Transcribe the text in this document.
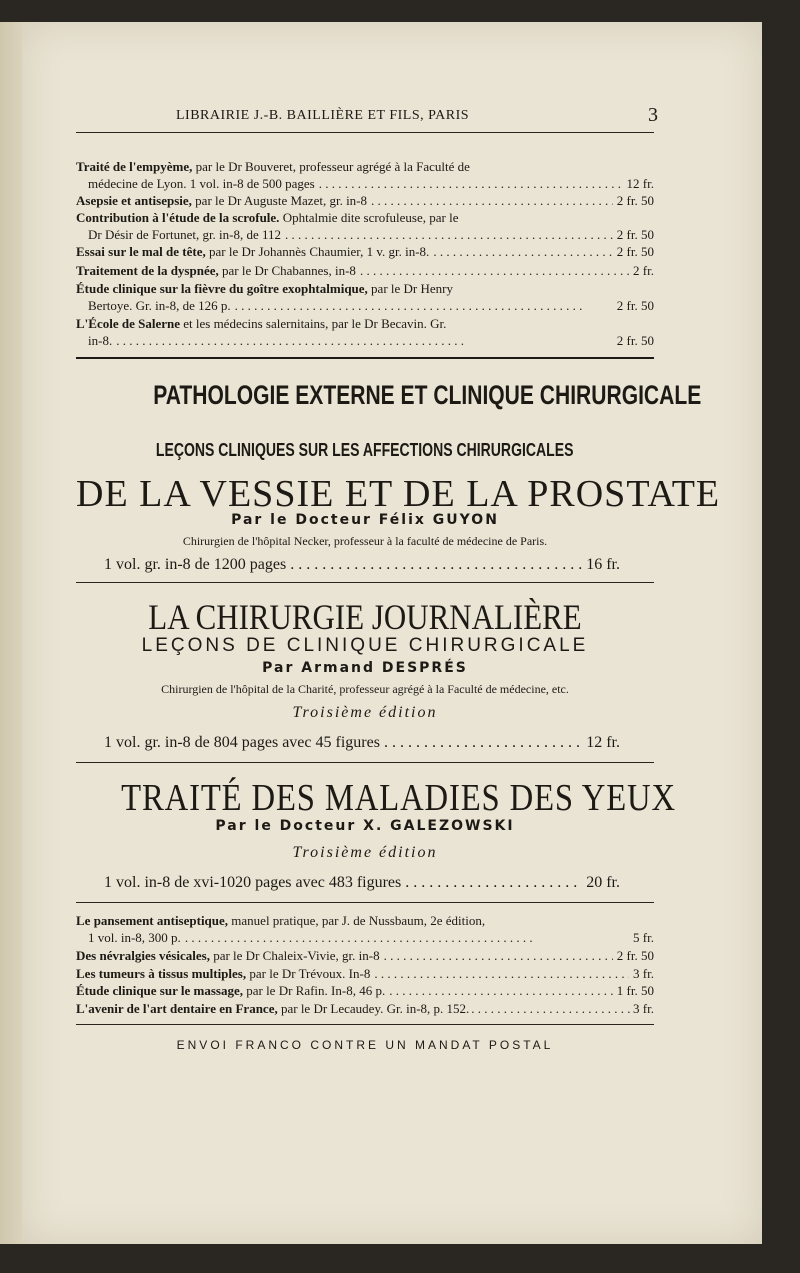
LIBRAIRIE J.-B. BAILLIÈRE ET FILS, PARIS	3
Traité de l'empyème, par le Dr Bouveret, professeur agrégé à la Faculté de
médecine de Lyon. 1 vol. in-8 de 500 pages . . .	12 fr.
Asepsie et antisepsie, par le Dr Auguste Mazet, gr. in-8 . . .	2 fr. 50
Contribution à l'étude de la scrofule. Ophtalmie dite scrofuleuse, par le
Dr Désir de Fortunet, gr. in-8, de 112 . . .	2 fr. 50
Essai sur le mal de tête, par le Dr Johannès Chaumier, 1 v. gr. in-8. . . .	2 fr. 50
Traitement de la dyspnée, par le Dr Chabannes, in-8 . . .	2 fr.
Étude clinique sur la fièvre du goître exophtalmique, par le Dr Henry
Bertoye. Gr. in-8, de 126 p. . . .	2 fr. 50
L'École de Salerne et les médecins salernitains, par le Dr Becavin. Gr.
in-8. . . .	2 fr. 50
PATHOLOGIE EXTERNE ET CLINIQUE CHIRURGICALE
LEÇONS CLINIQUES SUR LES AFFECTIONS CHIRURGICALES
DE LA VESSIE ET DE LA PROSTATE
Par le Docteur Félix GUYON
Chirurgien de l'hôpital Necker, professeur à la faculté de médecine de Paris.
1 vol. gr. in-8 de 1200 pages . . .	16 fr.
LA CHIRURGIE JOURNALIÈRE
LEÇONS DE CLINIQUE CHIRURGICALE
Par Armand DESPRÉS
Chirurgien de l'hôpital de la Charité, professeur agrégé à la Faculté de médecine, etc.
Troisième édition
1 vol. gr. in-8 de 804 pages avec 45 figures . . .	12 fr.
TRAITÉ DES MALADIES DES YEUX
Par le Docteur X. GALEZOWSKI
Troisième édition
1 vol. in-8 de xvi-1020 pages avec 483 figures . . .	20 fr.
Le pansement antiseptique, manuel pratique, par J. de Nussbaum, 2e édition,
1 vol. in-8, 300 p. . . .	5 fr.
Des névralgies vésicales, par le Dr Chaleix-Vivie, gr. in-8 . . .	2 fr. 50
Les tumeurs à tissus multiples, par le Dr Trévoux. In-8 . . .	3 fr.
Étude clinique sur le massage, par le Dr Rafin. In-8, 46 p. . . .	1 fr. 50
L'avenir de l'art dentaire en France, par le Dr Lecaudey. Gr. in-8, p. 152. . . .	3 fr.
ENVOI FRANCO CONTRE UN MANDAT POSTAL
